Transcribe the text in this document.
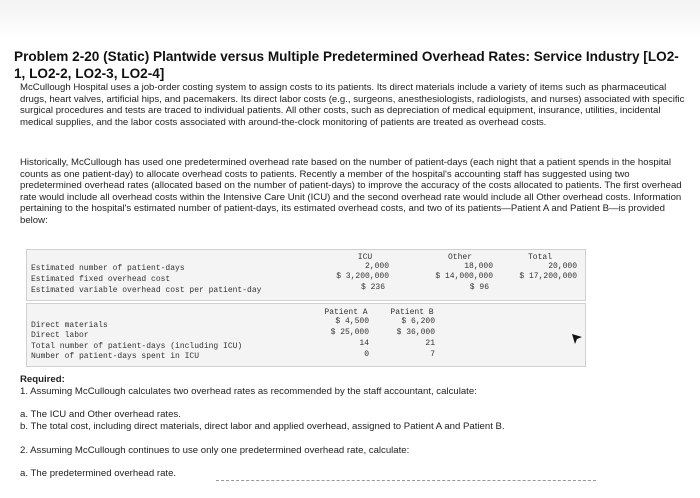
Problem 2-20 (Static) Plantwide versus Multiple Predetermined Overhead Rates: Service Industry [LO2-1, LO2-2, LO2-3, LO2-4]
McCullough Hospital uses a job-order costing system to assign costs to its patients. Its direct materials include a variety of items such as pharmaceutical drugs, heart valves, artificial hips, and pacemakers. Its direct labor costs (e.g., surgeons, anesthesiologists, radiologists, and nurses) associated with specific surgical procedures and tests are traced to individual patients. All other costs, such as depreciation of medical equipment, insurance, utilities, incidental medical supplies, and the labor costs associated with around-the-clock monitoring of patients are treated as overhead costs.
Historically, McCullough has used one predetermined overhead rate based on the number of patient-days (each night that a patient spends in the hospital counts as one patient-day) to allocate overhead costs to patients. Recently a member of the hospital's accounting staff has suggested using two predetermined overhead rates (allocated based on the number of patient-days) to improve the accuracy of the costs allocated to patients. The first overhead rate would include all overhead costs within the Intensive Care Unit (ICU) and the second overhead rate would include all Other overhead costs. Information pertaining to the hospital's estimated number of patient-days, its estimated overhead costs, and two of its patients—Patient A and Patient B—is provided below:
ICU	Other	Total
Estimated number of patient-days	2,000	18,000	20,000
Estimated fixed overhead cost	$ 3,200,000	$ 14,000,000	$ 17,200,000
Estimated variable overhead cost per patient-day	$ 236	$ 96
Patient A	Patient B
Direct materials	$ 4,500	$ 6,200
Direct labor	$ 25,000	$ 36,000
Total number of patient-days (including ICU)	14	21
Number of patient-days spent in ICU	0	7
Required:
1. Assuming McCullough calculates two overhead rates as recommended by the staff accountant, calculate:
a. The ICU and Other overhead rates.
b. The total cost, including direct materials, direct labor and applied overhead, assigned to Patient A and Patient B.
2. Assuming McCullough continues to use only one predetermined overhead rate, calculate:
a. The predetermined overhead rate.
